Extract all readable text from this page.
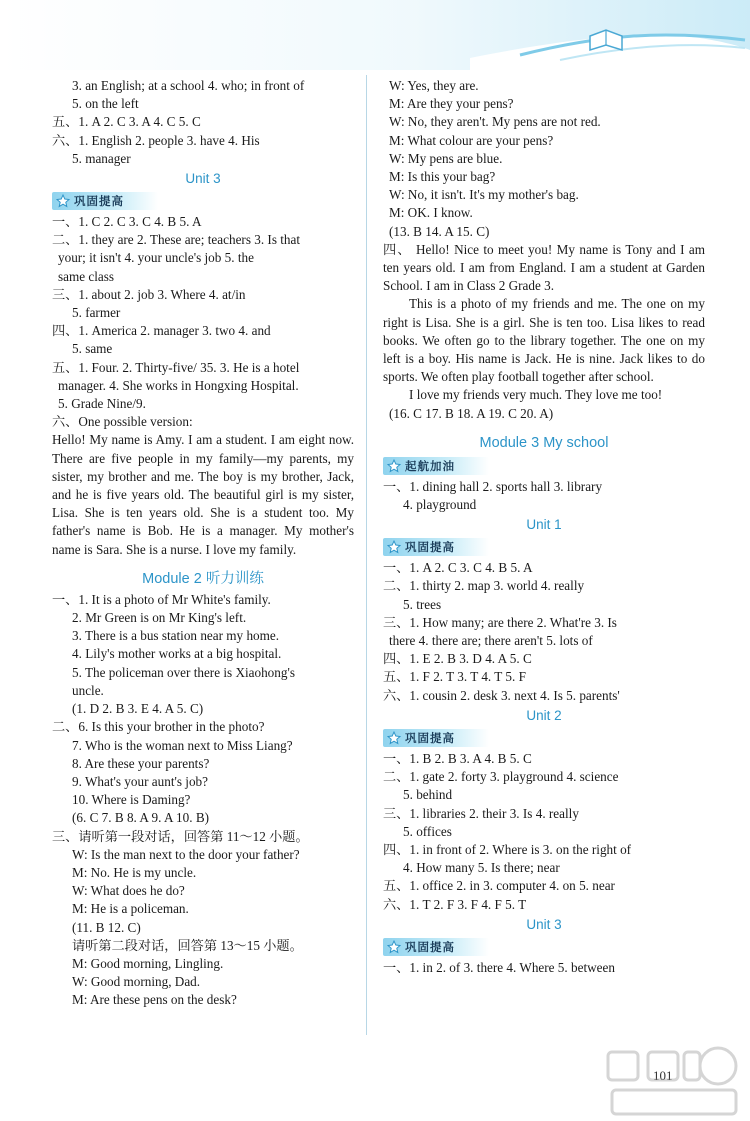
3. an English; at a school 4. who; in front of
5. on the left
五、1. A 2. C 3. A 4. C 5. C
六、1. English 2. people 3. have 4. His
5. manager
Unit 3
巩固提高
一、1. C 2. C 3. C 4. B 5. A
二、1. they are 2. These are; teachers 3. Is that
your; it isn't 4. your uncle's job 5. the
same class
三、1. about 2. job 3. Where 4. at/in
5. farmer
四、1. America 2. manager 3. two 4. and
5. same
五、1. Four. 2. Thirty-five/ 35. 3. He is a hotel
manager. 4. She works in Hongxing Hospital.
5. Grade Nine/9.
六、One possible version:
Hello! My name is Amy. I am a student. I am eight now. There are five people in my family—my parents, my sister, my brother and me. The boy is my brother, Jack, and he is five years old. The beautiful girl is my sister, Lisa. She is ten years old. She is a student too. My father's name is Bob. He is a manager. My mother's name is Sara. She is a nurse. I love my family.
Module 2 听力训练
一、1. It is a photo of Mr White's family.
2. Mr Green is on Mr King's left.
3. There is a bus station near my home.
4. Lily's mother works at a big hospital.
5. The policeman over there is Xiaohong's
uncle.
(1. D 2. B 3. E 4. A 5. C)
二、6. Is this your brother in the photo?
7. Who is the woman next to Miss Liang?
8. Are these your parents?
9. What's your aunt's job?
10. Where is Daming?
(6. C 7. B 8. A 9. A 10. B)
三、请听第一段对话，回答第 11～12 小题。
W: Is the man next to the door your father?
M: No. He is my uncle.
W: What does he do?
M: He is a policeman.
(11. B 12. C)
请听第二段对话，回答第 13～15 小题。
M: Good morning, Lingling.
W: Good morning, Dad.
M: Are these pens on the desk?
W: Yes, they are.
M: Are they your pens?
W: No, they aren't. My pens are not red.
M: What colour are your pens?
W: My pens are blue.
M: Is this your bag?
W: No, it isn't. It's my mother's bag.
M: OK. I know.
(13. B 14. A 15. C)
四、 Hello! Nice to meet you! My name is Tony and I am ten years old. I am from England. I am a student at Garden School. I am in Class 2 Grade 3.
This is a photo of my friends and me. The one on my right is Lisa. She is a girl. She is ten too. Lisa likes to read books. We often go to the library together. The one on my left is a boy. His name is Jack. He is nine. Jack likes to do sports. We often play football together after school.
I love my friends very much. They love me too!
(16. C 17. B 18. A 19. C 20. A)
Module 3 My school
起航加油
一、1. dining hall 2. sports hall 3. library
4. playground
Unit 1
巩固提高
一、1. A 2. C 3. C 4. B 5. A
二、1. thirty 2. map 3. world 4. really
5. trees
三、1. How many; are there 2. What're 3. Is
there 4. there are; there aren't 5. lots of
四、1. E 2. B 3. D 4. A 5. C
五、1. F 2. T 3. T 4. T 5. F
六、1. cousin 2. desk 3. next 4. Is 5. parents'
Unit 2
巩固提高
一、1. B 2. B 3. A 4. B 5. C
二、1. gate 2. forty 3. playground 4. science
5. behind
三、1. libraries 2. their 3. Is 4. really
5. offices
四、1. in front of 2. Where is 3. on the right of
4. How many 5. Is there; near
五、1. office 2. in 3. computer 4. on 5. near
六、1. T 2. F 3. F 4. F 5. T
Unit 3
巩固提高
一、1. in 2. of 3. there 4. Where 5. between
101
